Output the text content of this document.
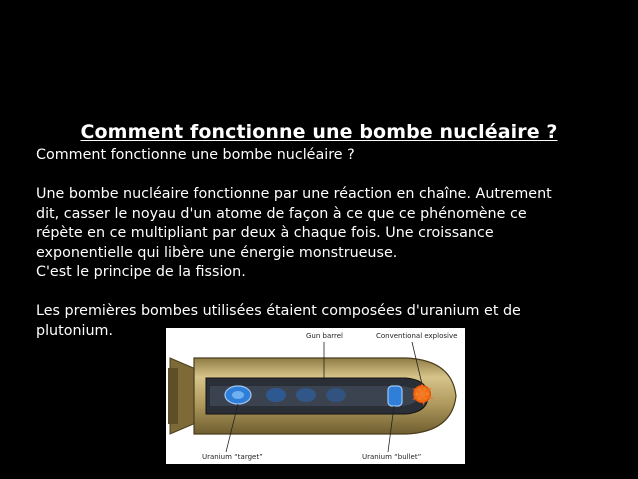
Comment fonctionne une bombe nucléaire ?

Comment fonctionne une bombe nucléaire ?

Une bombe nucléaire fonctionne par une réaction en chaîne. Autrement

dit, casser le noyau d'un atome de façon à ce que ce phénomène ce

répète en ce multipliant par deux à chaque fois. Une croissance

exponentielle qui libère une énergie monstrueuse.

C'est le principe de la fission.

Les premières bombes utilisées étaient composées d'uranium et de

plutonium.	Gun barrel	Conventional explosive
Uranium “target”	Uranium “bullet”
